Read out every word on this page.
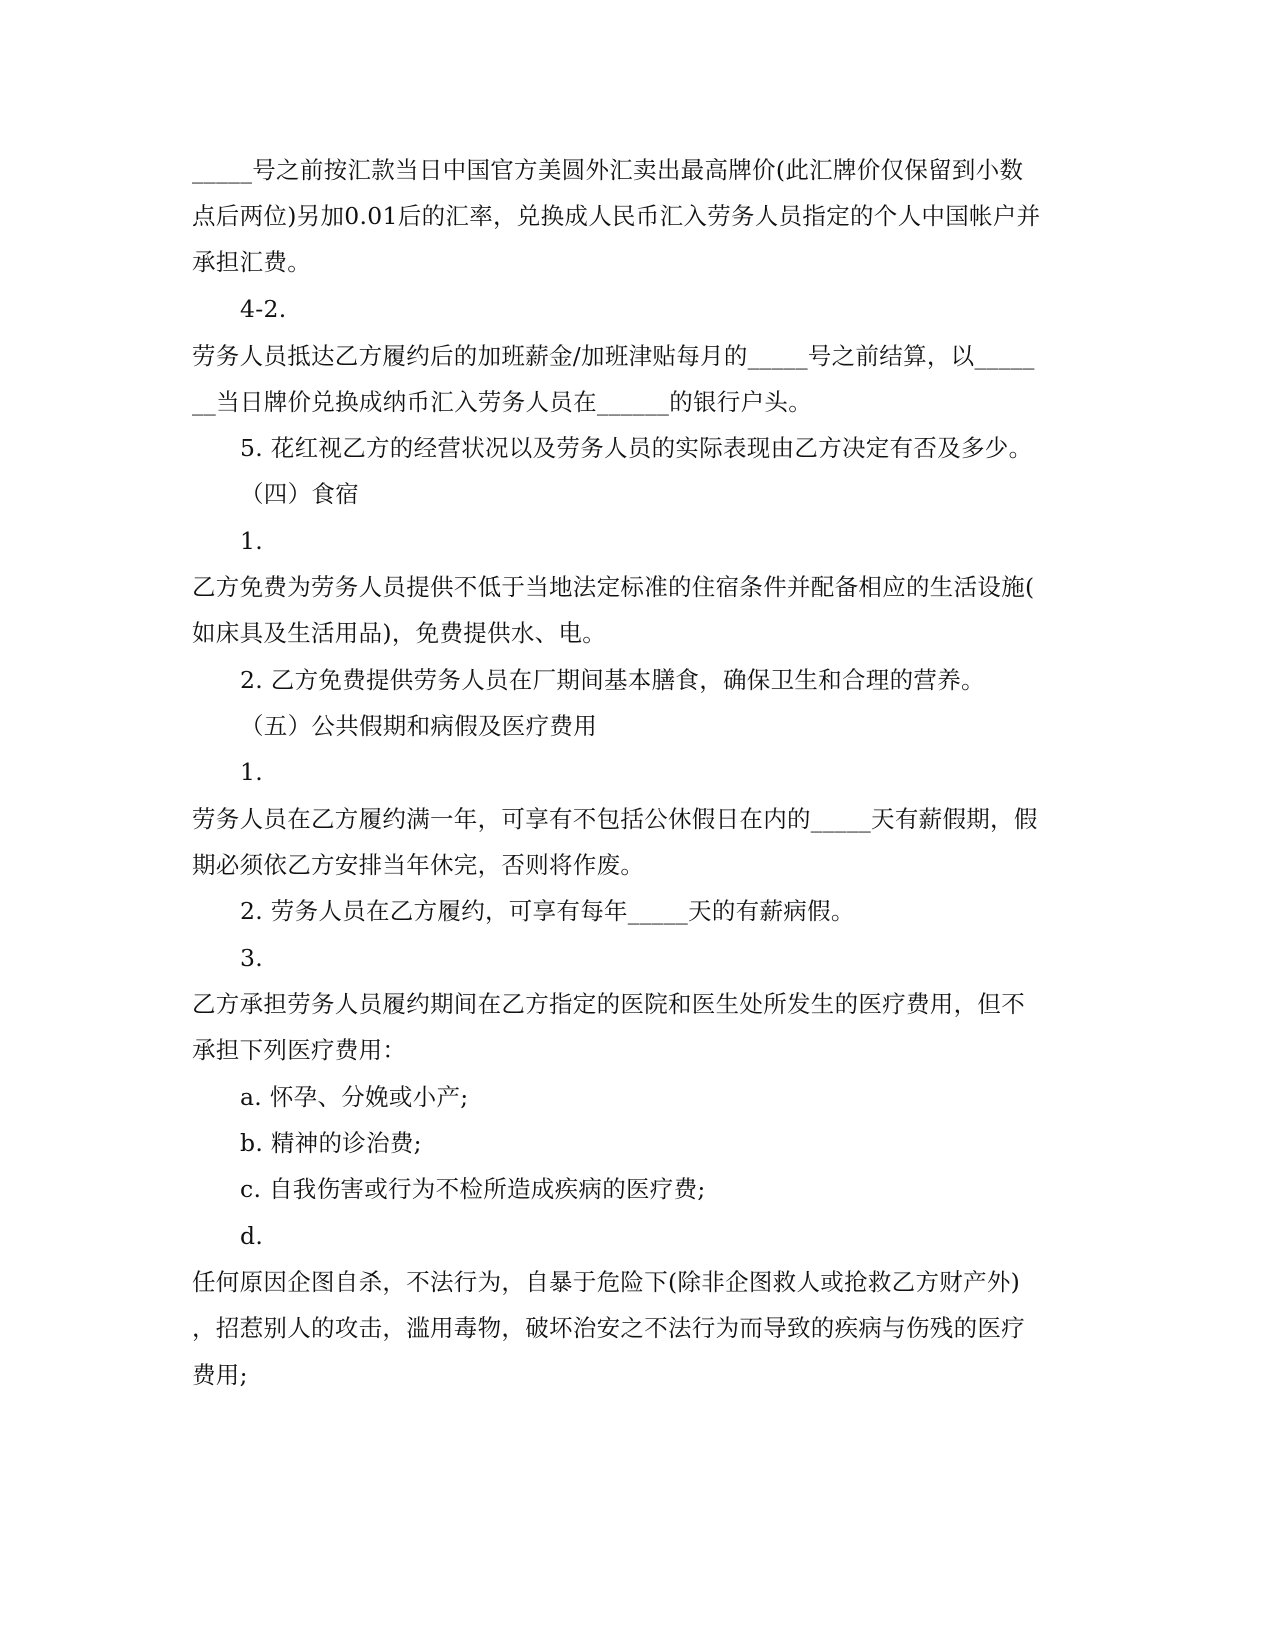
_____号之前按汇款当日中国官方美圆外汇卖出最高牌价(此汇牌价仅保留到小数
点后两位)另加0.01后的汇率，兑换成人民币汇入劳务人员指定的个人中国帐户并
承担汇费。
4-2.
劳务人员抵达乙方履约后的加班薪金/加班津贴每月的_____号之前结算，以_____
__当日牌价兑换成纳币汇入劳务人员在______的银行户头。
5. 花红视乙方的经营状况以及劳务人员的实际表现由乙方决定有否及多少。
（四）食宿
1.
乙方免费为劳务人员提供不低于当地法定标准的住宿条件并配备相应的生活设施(
如床具及生活用品)，免费提供水、电。
2. 乙方免费提供劳务人员在厂期间基本膳食，确保卫生和合理的营养。
（五）公共假期和病假及医疗费用
1.
劳务人员在乙方履约满一年，可享有不包括公休假日在内的_____天有薪假期，假
期必须依乙方安排当年休完，否则将作废。
2. 劳务人员在乙方履约，可享有每年_____天的有薪病假。
3.
乙方承担劳务人员履约期间在乙方指定的医院和医生处所发生的医疗费用，但不
承担下列医疗费用：
a. 怀孕、分娩或小产;
b. 精神的诊治费;
c. 自我伤害或行为不检所造成疾病的医疗费;
d.
任何原因企图自杀，不法行为，自暴于危险下(除非企图救人或抢救乙方财产外)
，招惹别人的攻击，滥用毒物，破坏治安之不法行为而导致的疾病与伤残的医疗
费用;
